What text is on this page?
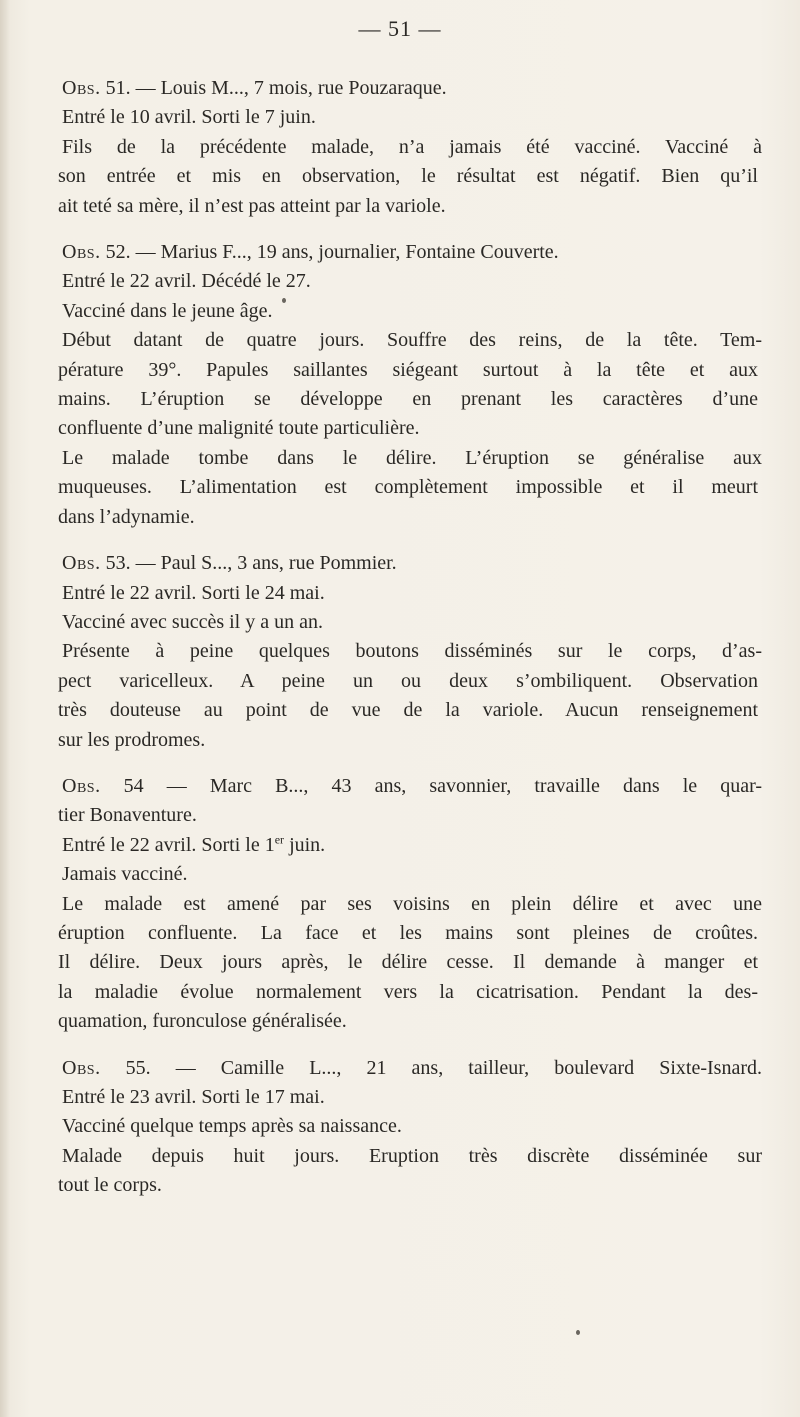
— 51 —
Obs. 51. — Louis M..., 7 mois, rue Pouzaraque.
Entré le 10 avril. Sorti le 7 juin.
Fils de la précédente malade, n’a jamais été vacciné. Vacciné à
son entrée et mis en observation, le résultat est négatif. Bien qu’il
ait teté sa mère, il n’est pas atteint par la variole.
Obs. 52. — Marius F..., 19 ans, journalier, Fontaine Couverte.
Entré le 22 avril. Décédé le 27.
Vacciné dans le jeune âge.
Début datant de quatre jours. Souffre des reins, de la tête. Tem-
pérature 39°. Papules saillantes siégeant surtout à la tête et aux
mains. L’éruption se développe en prenant les caractères d’une
confluente d’une malignité toute particulière.
Le malade tombe dans le délire. L’éruption se généralise aux
muqueuses. L’alimentation est complètement impossible et il meurt
dans l’adynamie.
Obs. 53. — Paul S..., 3 ans, rue Pommier.
Entré le 22 avril. Sorti le 24 mai.
Vacciné avec succès il y a un an.
Présente à peine quelques boutons disséminés sur le corps, d’as-
pect varicelleux. A peine un ou deux s’ombiliquent. Observation
très douteuse au point de vue de la variole. Aucun renseignement
sur les prodromes.
Obs. 54 — Marc B..., 43 ans, savonnier, travaille dans le quar-
tier Bonaventure.
Entré le 22 avril. Sorti le 1er juin.
Jamais vacciné.
Le malade est amené par ses voisins en plein délire et avec une
éruption confluente. La face et les mains sont pleines de croûtes.
Il délire. Deux jours après, le délire cesse. Il demande à manger et
la maladie évolue normalement vers la cicatrisation. Pendant la des-
quamation, furonculose généralisée.
Obs. 55. — Camille L..., 21 ans, tailleur, boulevard Sixte-Isnard.
Entré le 23 avril. Sorti le 17 mai.
Vacciné quelque temps après sa naissance.
Malade depuis huit jours. Eruption très discrète disséminée sur
tout le corps.
